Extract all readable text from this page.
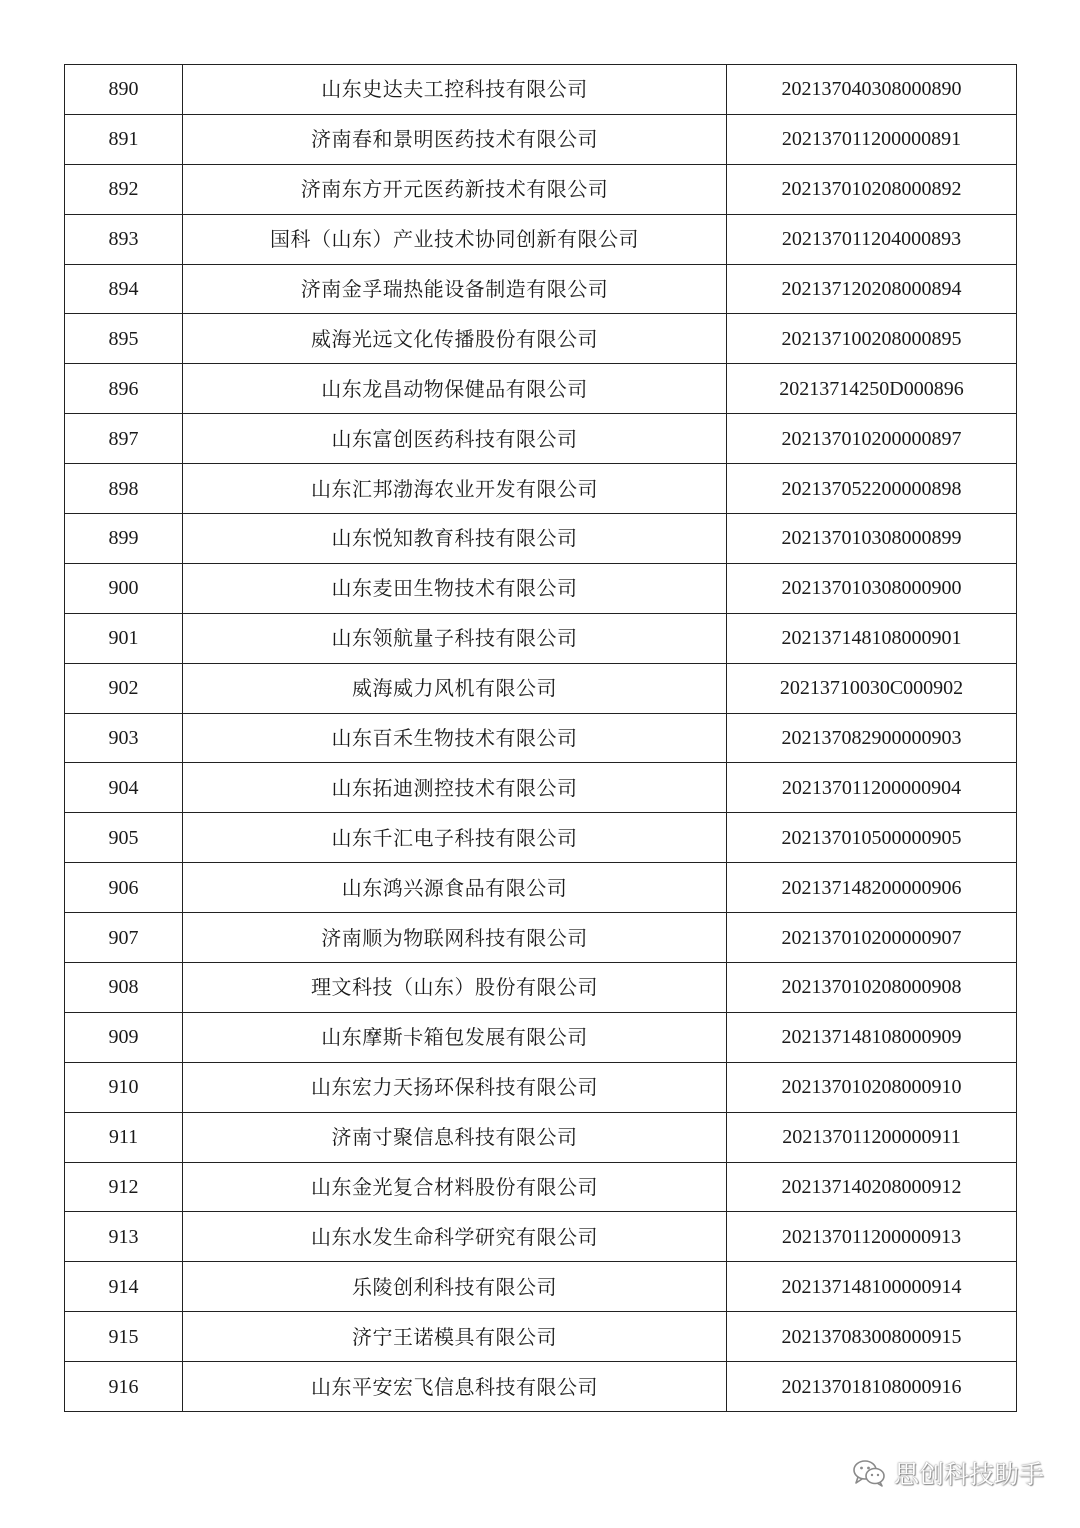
890	山东史达夫工控科技有限公司	202137040308000890
891	济南春和景明医药技术有限公司	202137011200000891
892	济南东方开元医药新技术有限公司	202137010208000892
893	国科（山东）产业技术协同创新有限公司	202137011204000893
894	济南金孚瑞热能设备制造有限公司	202137120208000894
895	威海光远文化传播股份有限公司	202137100208000895
896	山东龙昌动物保健品有限公司	20213714250D000896
897	山东富创医药科技有限公司	202137010200000897
898	山东汇邦渤海农业开发有限公司	202137052200000898
899	山东悦知教育科技有限公司	202137010308000899
900	山东麦田生物技术有限公司	202137010308000900
901	山东领航量子科技有限公司	202137148108000901
902	威海威力风机有限公司	20213710030C000902
903	山东百禾生物技术有限公司	202137082900000903
904	山东拓迪测控技术有限公司	202137011200000904
905	山东千汇电子科技有限公司	202137010500000905
906	山东鸿兴源食品有限公司	202137148200000906
907	济南顺为物联网科技有限公司	202137010200000907
908	理文科技（山东）股份有限公司	202137010208000908
909	山东摩斯卡箱包发展有限公司	202137148108000909
910	山东宏力天扬环保科技有限公司	202137010208000910
911	济南寸聚信息科技有限公司	202137011200000911
912	山东金光复合材料股份有限公司	202137140208000912
913	山东水发生命科学研究有限公司	202137011200000913
914	乐陵创利科技有限公司	202137148100000914
915	济宁王诺模具有限公司	202137083008000915
916	山东平安宏飞信息科技有限公司	202137018108000916
思创科技助手
